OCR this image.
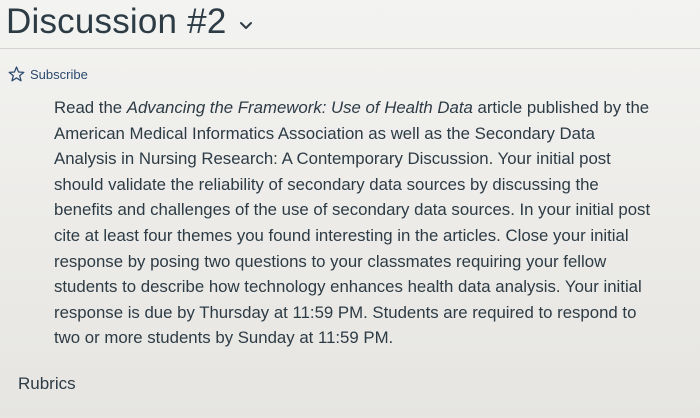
Discussion #2
Subscribe

Read the Advancing the Framework: Use of Health Data article published by the American Medical Informatics Association as well as the Secondary Data Analysis in Nursing Research: A Contemporary Discussion. Your initial post should validate the reliability of secondary data sources by discussing the benefits and challenges of the use of secondary data sources. In your initial post cite at least four themes you found interesting in the articles. Close your initial response by posing two questions to your classmates requiring your fellow students to describe how technology enhances health data analysis. Your initial response is due by Thursday at 11:59 PM. Students are required to respond to two or more students by Sunday at 11:59 PM.

Rubrics
